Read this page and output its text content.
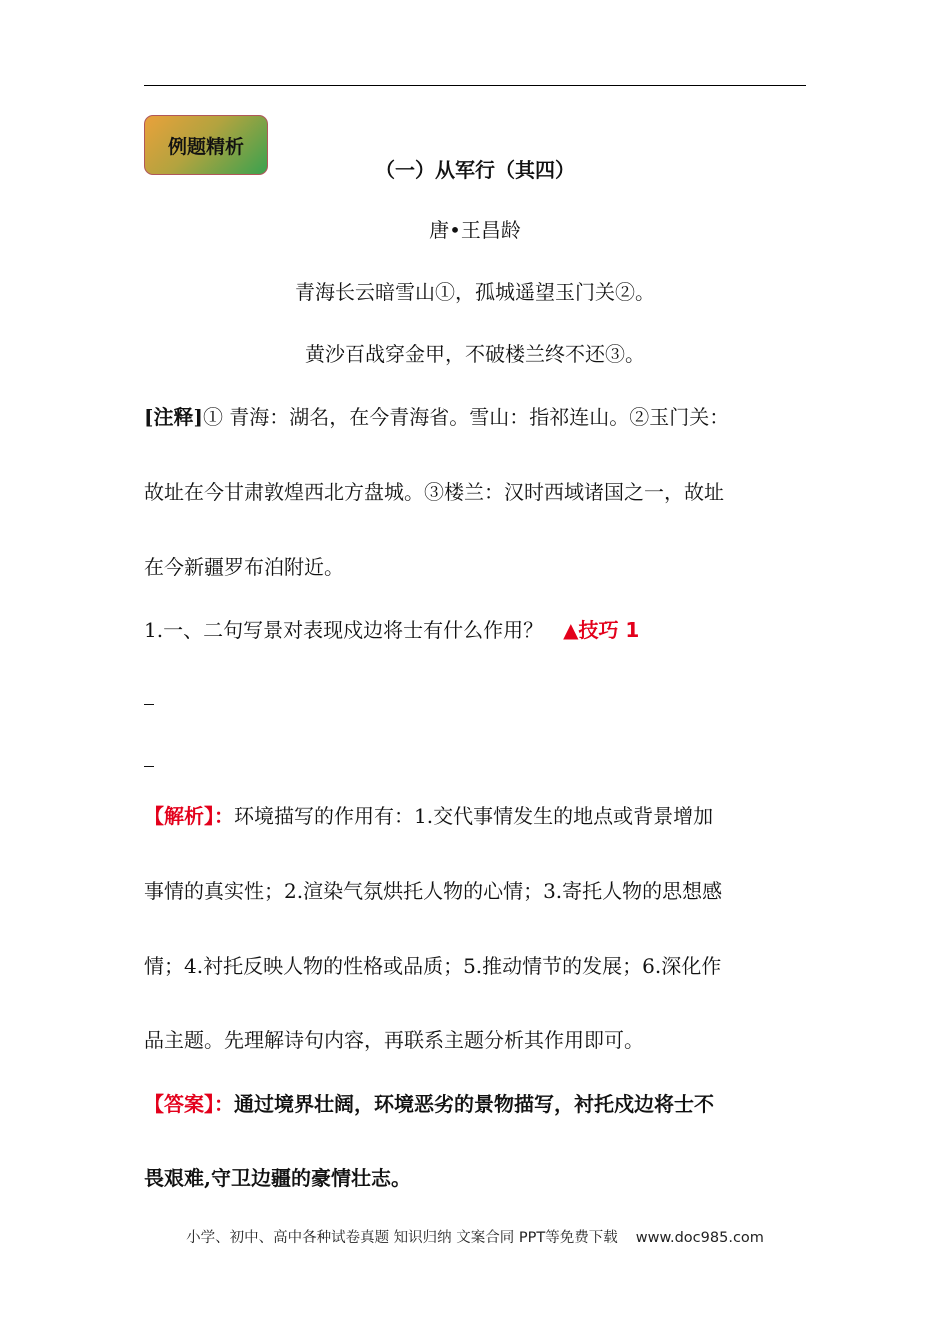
例题精析
（一）从军行（其四）
唐•王昌龄
青海长云暗雪山①，孤城遥望玉门关②。
黄沙百战穿金甲，不破楼兰终不还③。
[注释]① 青海：湖名，在今青海省。雪山：指祁连山。②玉门关：
故址在今甘肃敦煌西北方盘城。③楼兰：汉时西域诸国之一，故址
在今新疆罗布泊附近。
1.一、二句写景对表现戍边将士有什么作用？ ▲技巧 1
【解析】：环境描写的作用有：1.交代事情发生的地点或背景增加
事情的真实性；2.渲染气氛烘托人物的心情；3.寄托人物的思想感
情；4.衬托反映人物的性格或品质；5.推动情节的发展；6.深化作
品主题。先理解诗句内容，再联系主题分析其作用即可。
【答案】：通过境界壮阔，环境恶劣的景物描写，衬托戍边将士不
畏艰难,守卫边疆的豪情壮志。
小学、初中、高中各种试卷真题 知识归纳 文案合同 PPT等免费下载 www.doc985.com
